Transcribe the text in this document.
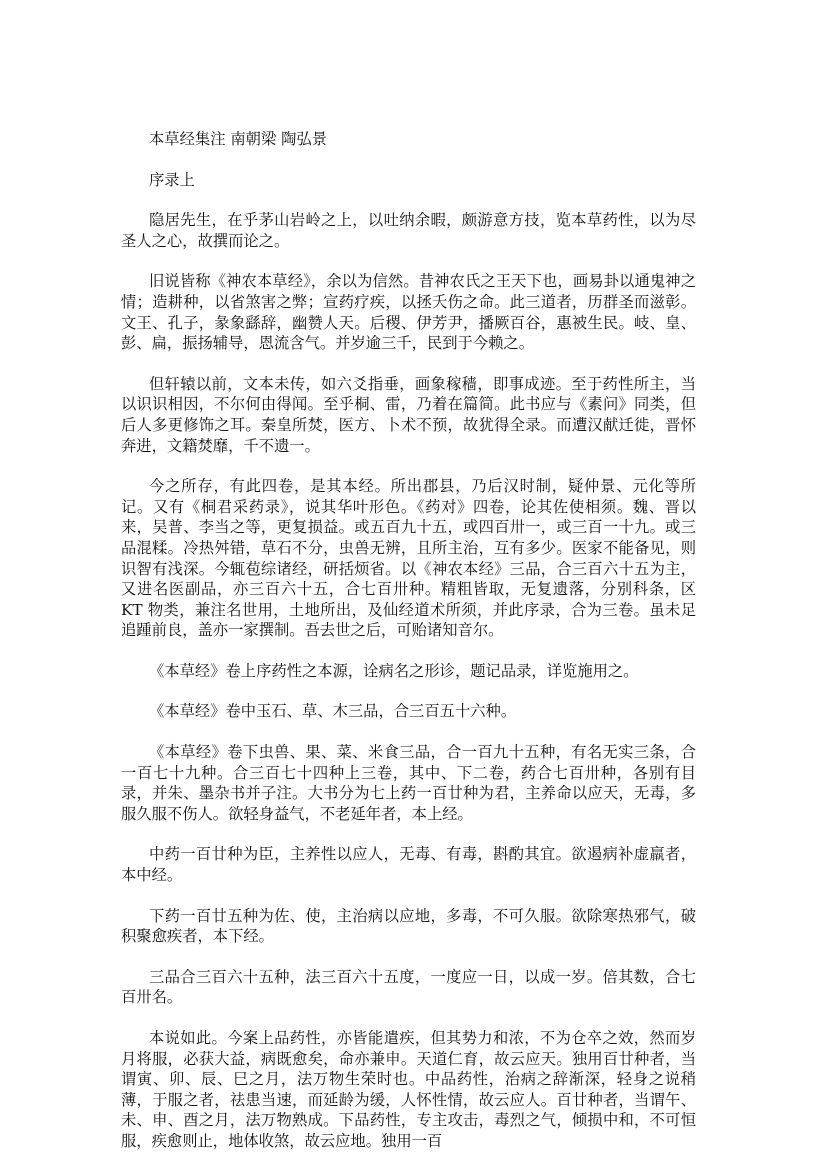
本草经集注 南朝梁 陶弘景

序录上

隐居先生，在乎茅山岩岭之上，以吐纳余暇，颇游意方技，览本草药性，以为尽圣人之心，故撰而论之。

旧说皆称《神农本草经》，余以为信然。昔神农氏之王天下也，画易卦以通鬼神之情；造耕种，以省煞害之弊；宣药疗疾，以拯夭伤之命。此三道者，历群圣而滋彰。文王、孔子，彖象繇辞，幽赞人天。后稷、伊芳尹，播厥百谷，惠被生民。岐、皇、彭、扁，振扬辅导，恩流含气。并岁逾三千，民到于今赖之。

但轩辕以前，文本未传，如六爻指垂，画象稼穑，即事成迹。至于药性所主，当以识识相因，不尔何由得闻。至乎桐、雷，乃着在篇简。此书应与《素问》同类，但后人多更修饰之耳。秦皇所焚，医方、卜术不预，故犹得全录。而遭汉献迁徙，晋怀奔进，文籍焚靡，千不遗一。

今之所存，有此四卷，是其本经。所出郡县，乃后汉时制，疑仲景、元化等所记。又有《桐君采药录》，说其华叶形色。《药对》四卷，论其佐使相须。魏、晋以来，吴普、李当之等，更复损益。或五百九十五，或四百卅一，或三百一十九。或三品混糅。冷热舛错，草石不分，虫兽无辨，且所主治，互有多少。医家不能备见，则识智有浅深。今辄苞综诸经，研括烦省。以《神农本经》三品，合三百六十五为主，又进名医副品，亦三百六十五，合七百卅种。精粗皆取，无复遗落，分别科条，区 KT 物类，兼注名世用，土地所出，及仙经道术所须，并此序录，合为三卷。虽未足追踵前良，盖亦一家撰制。吾去世之后，可贻诸知音尔。

《本草经》卷上序药性之本源，诠病名之形诊，题记品录，详览施用之。

《本草经》卷中玉石、草、木三品，合三百五十六种。

《本草经》卷下虫兽、果、菜、米食三品，合一百九十五种，有名无实三条，合一百七十九种。合三百七十四种上三卷，其中、下二卷，药合七百卅种，各别有目录，并朱、墨杂书并子注。大书分为七上药一百廿种为君，主养命以应天，无毒，多服久服不伤人。欲轻身益气，不老延年者，本上经。

中药一百廿种为臣，主养性以应人，无毒、有毒，斟酌其宜。欲遏病补虚羸者，本中经。

下药一百廿五种为佐、使，主治病以应地，多毒，不可久服。欲除寒热邪气，破积聚愈疾者，本下经。

三品合三百六十五种，法三百六十五度，一度应一日，以成一岁。倍其数，合七百卅名。

本说如此。今案上品药性，亦皆能遣疾，但其势力和浓，不为仓卒之效，然而岁月将服，必获大益，病既愈矣，命亦兼申。天道仁育，故云应天。独用百廿种者，当谓寅、卯、辰、巳之月，法万物生荣时也。中品药性，治病之辞渐深，轻身之说稍薄，于服之者，祛患当速，而延龄为缓，人怀性情，故云应人。百廿种者，当谓午、未、申、酉之月，法万物熟成。下品药性，专主攻击，毒烈之气，倾损中和，不可恒服，疾愈则止，地体收煞，故云应地。独用一百
